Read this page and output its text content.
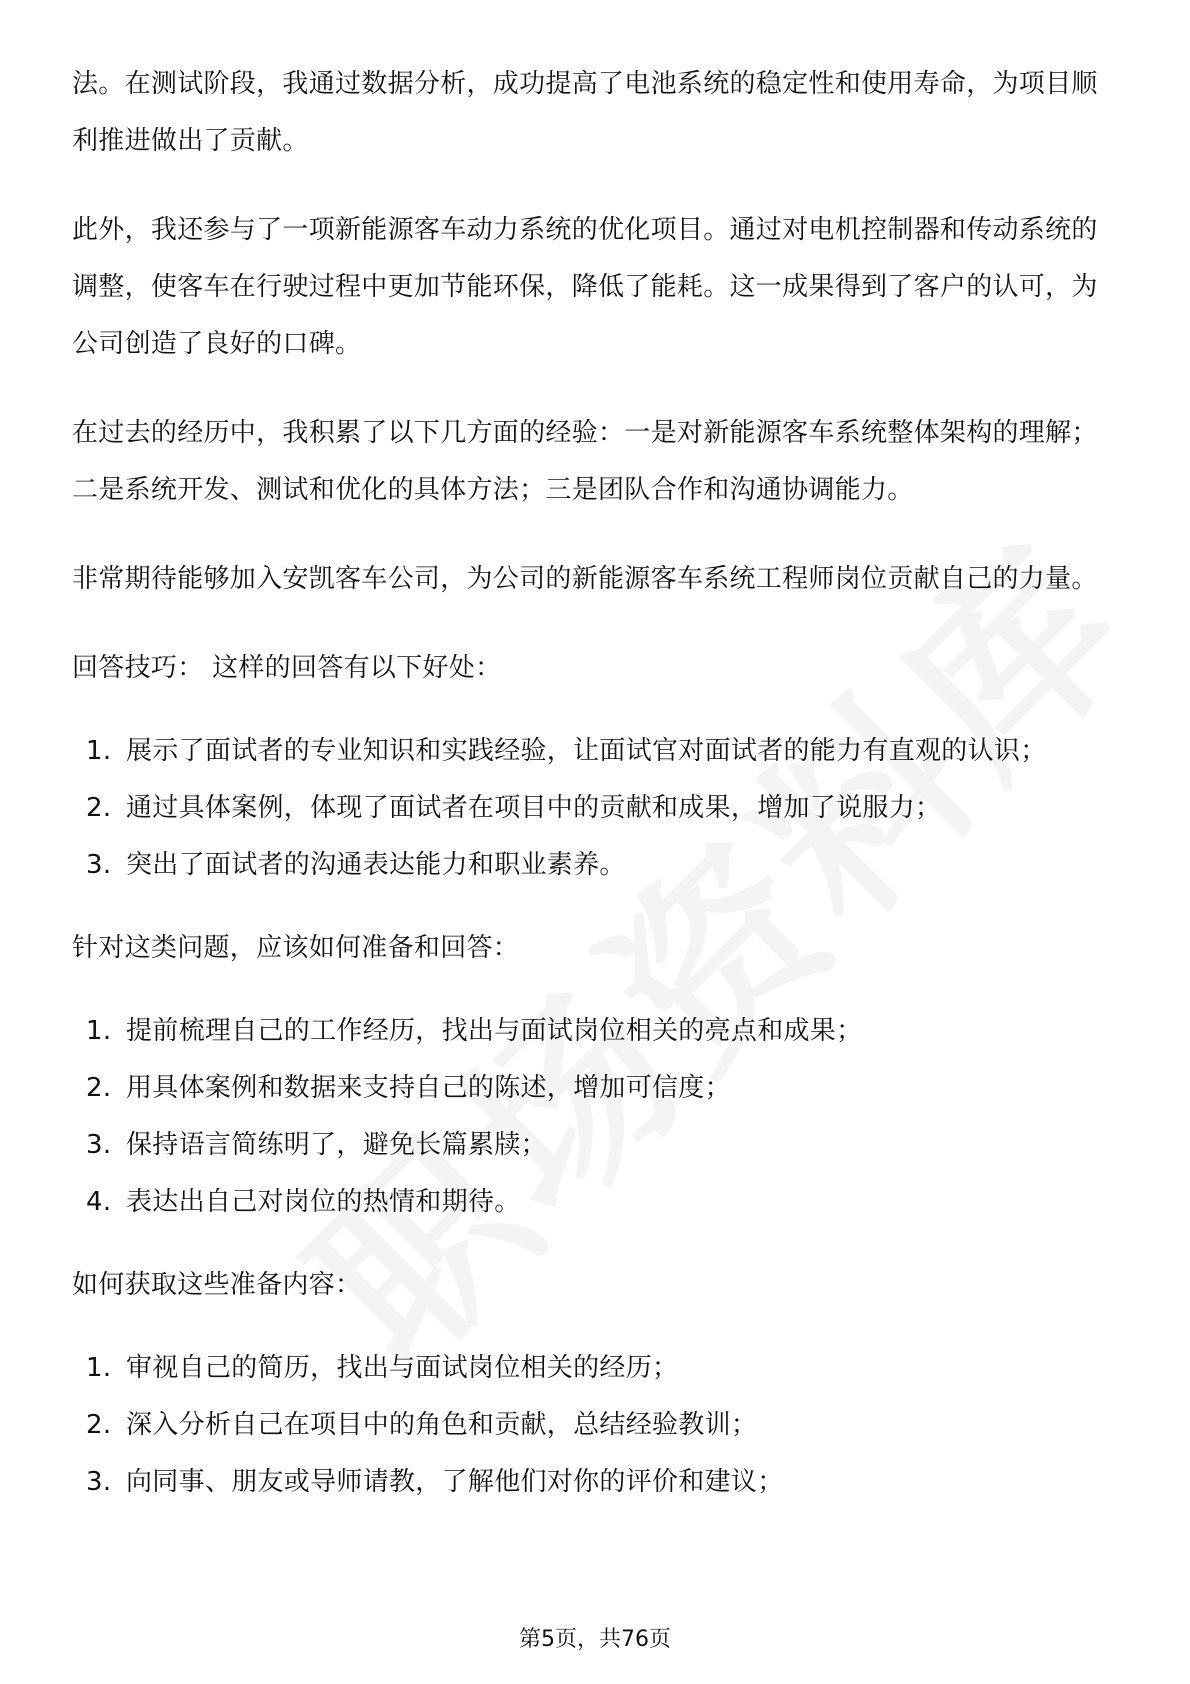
法。在测试阶段，我通过数据分析，成功提高了电池系统的稳定性和使用寿命，为项目顺利推进做出了贡献。

此外，我还参与了一项新能源客车动力系统的优化项目。通过对电机控制器和传动系统的调整，使客车在行驶过程中更加节能环保，降低了能耗。这一成果得到了客户的认可，为公司创造了良好的口碑。

在过去的经历中，我积累了以下几方面的经验：一是对新能源客车系统整体架构的理解；二是系统开发、测试和优化的具体方法；三是团队合作和沟通协调能力。

非常期待能够加入安凯客车公司，为公司的新能源客车系统工程师岗位贡献自己的力量。

回答技巧： 这样的回答有以下好处：

1. 展示了面试者的专业知识和实践经验，让面试官对面试者的能力有直观的认识；
2. 通过具体案例，体现了面试者在项目中的贡献和成果，增加了说服力；
3. 突出了面试者的沟通表达能力和职业素养。

针对这类问题，应该如何准备和回答：

1. 提前梳理自己的工作经历，找出与面试岗位相关的亮点和成果；
2. 用具体案例和数据来支持自己的陈述，增加可信度；
3. 保持语言简练明了，避免长篇累牍；
4. 表达出自己对岗位的热情和期待。

如何获取这些准备内容：

1. 审视自己的简历，找出与面试岗位相关的经历；
2. 深入分析自己在项目中的角色和贡献，总结经验教训；
3. 向同事、朋友或导师请教，了解他们对你的评价和建议；
第5页，共76页
